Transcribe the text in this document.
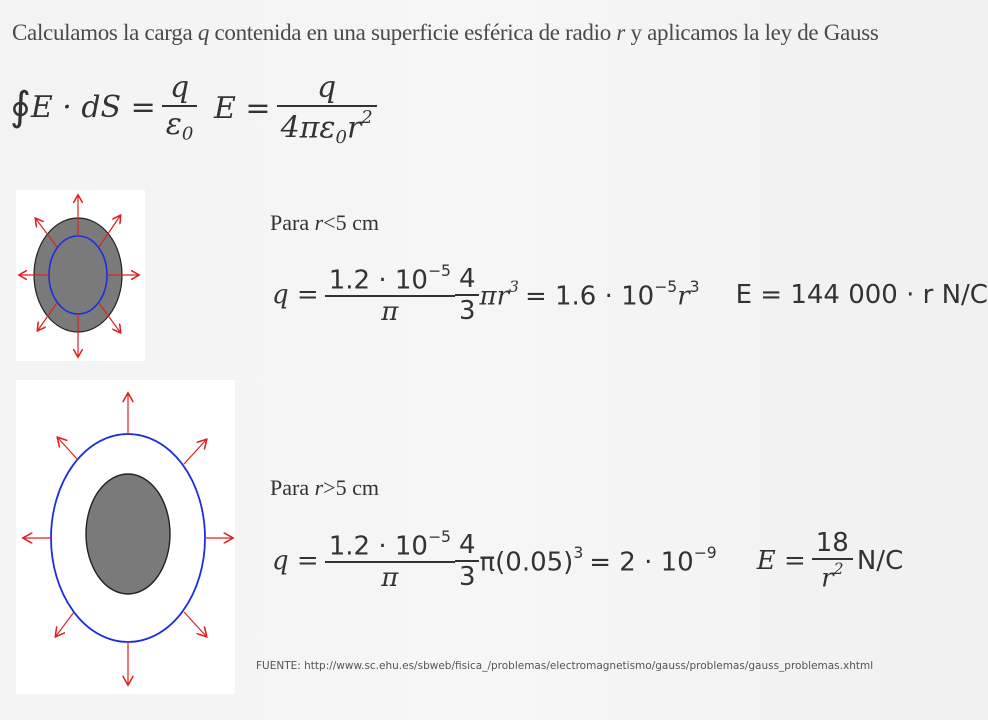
Calculamos la carga q contenida en una superficie esférica de radio r y aplicamos la ley de Gauss
∮ E · dS = $\frac{q}{\varepsilon_0}$ $E = \frac{q}{4\pi\varepsilon_0r^2}$
Para r<5 cm
$q = \frac{1.2 \cdot 10^{-5}}{\pi} \frac{4}{3} \pi r^3 = 1.6 \cdot 10^{-5}r^3$ E = 144 000 · r N/C
Para r>5 cm
$q = \frac{1.2 \cdot 10^{-5}}{\pi} \frac{4}{3} \pi(0.05)^3 = 2 \cdot 10^{-9}$ $E = \frac{18}{r^2} N/C$
FUENTE: http://www.sc.ehu.es/sbweb/fisica_/problemas/electromagnetismo/gauss/problemas/gauss_problemas.xhtml
